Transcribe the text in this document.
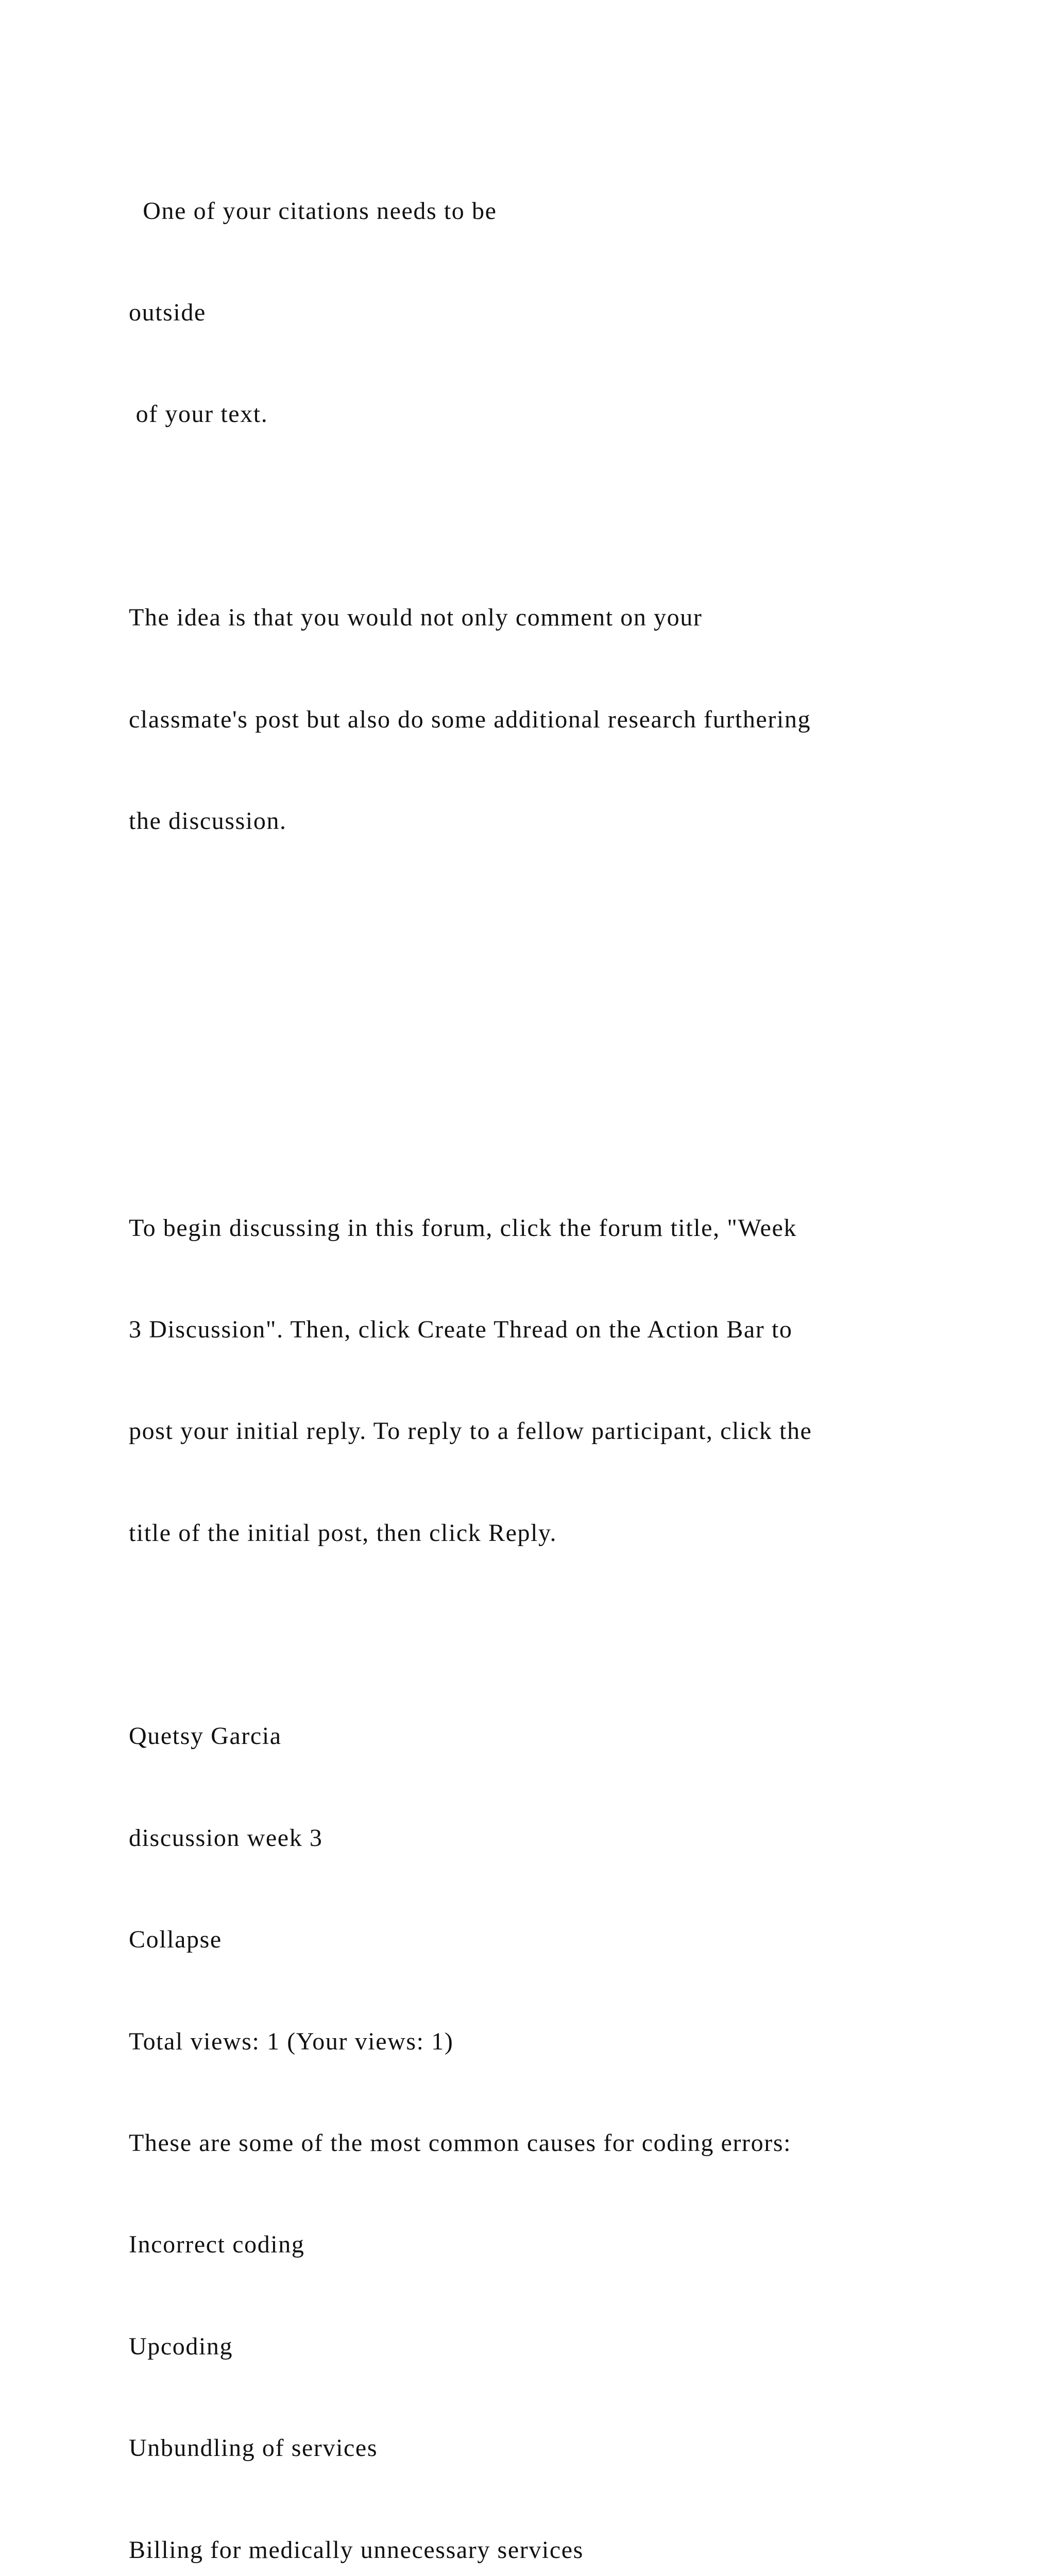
One of your citations needs to be

outside

of your text.

The idea is that you would not only comment on your

classmate's post but also do some additional research furthering

the discussion.

To begin discussing in this forum, click the forum title, "Week

3 Discussion". Then, click Create Thread on the Action Bar to

post your initial reply. To reply to a fellow participant, click the

title of the initial post, then click Reply.

Quetsy Garcia

discussion week 3

Collapse

Total views: 1 (Your views: 1)

These are some of the most common causes for coding errors:

Incorrect coding

Upcoding

Unbundling of services

Billing for medically unnecessary services
